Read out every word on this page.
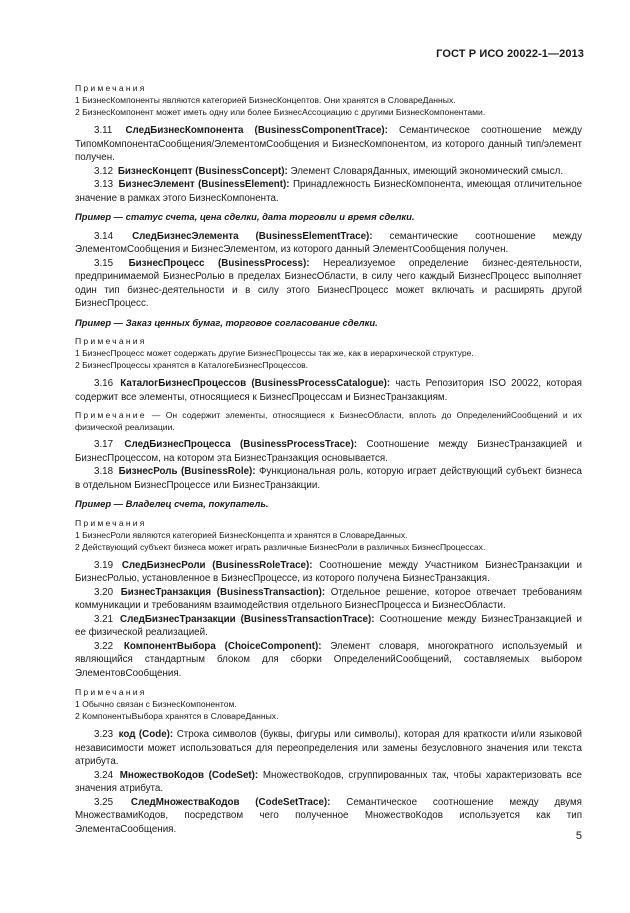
ГОСТ Р ИСО 20022-1—2013

Примечания

1 БизнесКомпоненты являются категорией БизнесКонцептов. Они хранятся в СловареДанных.

2 БизнесКомпонент может иметь одну или более БизнесАссоциацию с другими БизнесКомпонентами.

3.11 СледБизнесКомпонента (BusinessComponentTrace): Семантическое соотношение между ТипомКомпонентаСообщения/ЭлементомСообщения и БизнесКомпонентом, из которого данный тип/элемент получен.

3.12 БизнесКонцепт (BusinessConcept): Элемент СловаряДанных, имеющий экономический смысл.

3.13 БизнесЭлемент (BusinessElement): Принадлежность БизнесКомпонента, имеющая отличительное значение в рамках этого БизнесКомпонента.

Пример — статус счета, цена сделки, дата торговли и время сделки.

3.14 СледБизнесЭлемента (BusinessElementTrace): семантические соотношение между ЭлементомСообщения и БизнесЭлементом, из которого данный ЭлементСообщения получен.

3.15 БизнесПроцесс (BusinessProcess): Нереализуемое определение бизнес-деятельности, предпринимаемой БизнесРолью в пределах БизнесОбласти, в силу чего каждый БизнесПроцесс выполняет один тип бизнес-деятельности и в силу этого БизнесПроцесс может включать и расширять другой БизнесПроцесс.

Пример — Заказ ценных бумаг, торговое согласование сделки.

Примечания

1 БизнесПроцесс может содержать другие БизнесПроцессы так же, как в иерархической структуре.

2 БизнесПроцессы хранятся в КаталогеБизнесПроцессов.

3.16 КаталогБизнесПроцессов (BusinessProcessCatalogue): часть Репозитория ISO 20022, которая содержит все элементы, относящиеся к БизнесПроцессам и БизнесТранзакциям.

Примечание — Он содержит элементы, относящиеся к БизнесОбласти, вплоть до ОпределенийСообщений и их физической реализации.

3.17 СледБизнесПроцесса (BusinessProcessTrace): Соотношение между БизнесТранзакцией и БизнесПроцессом, на котором эта БизнесТранзакция основывается.

3.18 БизнесРоль (BusinessRole): Функциональная роль, которую играет действующий субъект бизнеса в отдельном БизнесПроцессе или БизнесТранзакции.

Пример — Владелец счета, покупатель.

Примечания

1 БизнесРоли являются категорией БизнесКонцепта и хранятся в СловареДанных.

2 Действующий субъект бизнеса может играть различные БизнесРоли в различных БизнесПроцессах.

3.19 СледБизнесРоли (BusinessRoleTrace): Соотношение между Участником БизнесТранзакции и БизнесРолью, установленное в БизнесПроцессе, из которого получена БизнесТранзакция.

3.20 БизнесТранзакция (BusinessTransaction): Отдельное решение, которое отвечает требованиям коммуникации и требованиям взаимодействия отдельного БизнесПроцесса и БизнесОбласти.

3.21 СледБизнесТранзакции (BusinessTransactionTrace): Соотношение между БизнесТранзакцией и ее физической реализацией.

3.22 КомпонентВыбора (ChoiceComponent): Элемент словаря, многократного используемый и являющийся стандартным блоком для сборки ОпределенийСообщений, составляемых выбором ЭлементовСообщения.

Примечания

1 Обычно связан с БизнесКомпонентом.

2 КомпонентыВыбора хранятся в СловареДанных.

3.23 код (Code): Строка символов (буквы, фигуры или символы), которая для краткости и/или языковой независимости может использоваться для переопределения или замены безусловного значения или текста атрибута.

3.24 МножествоКодов (CodeSet): МножествоКодов, сгруппированных так, чтобы характеризовать все значения атрибута.

3.25 СледМножестваКодов (CodeSetTrace): Семантическое соотношение между двумя МножествамиКодов, посредством чего полученное МножествоКодов используется как тип ЭлементаСообщения.

5
